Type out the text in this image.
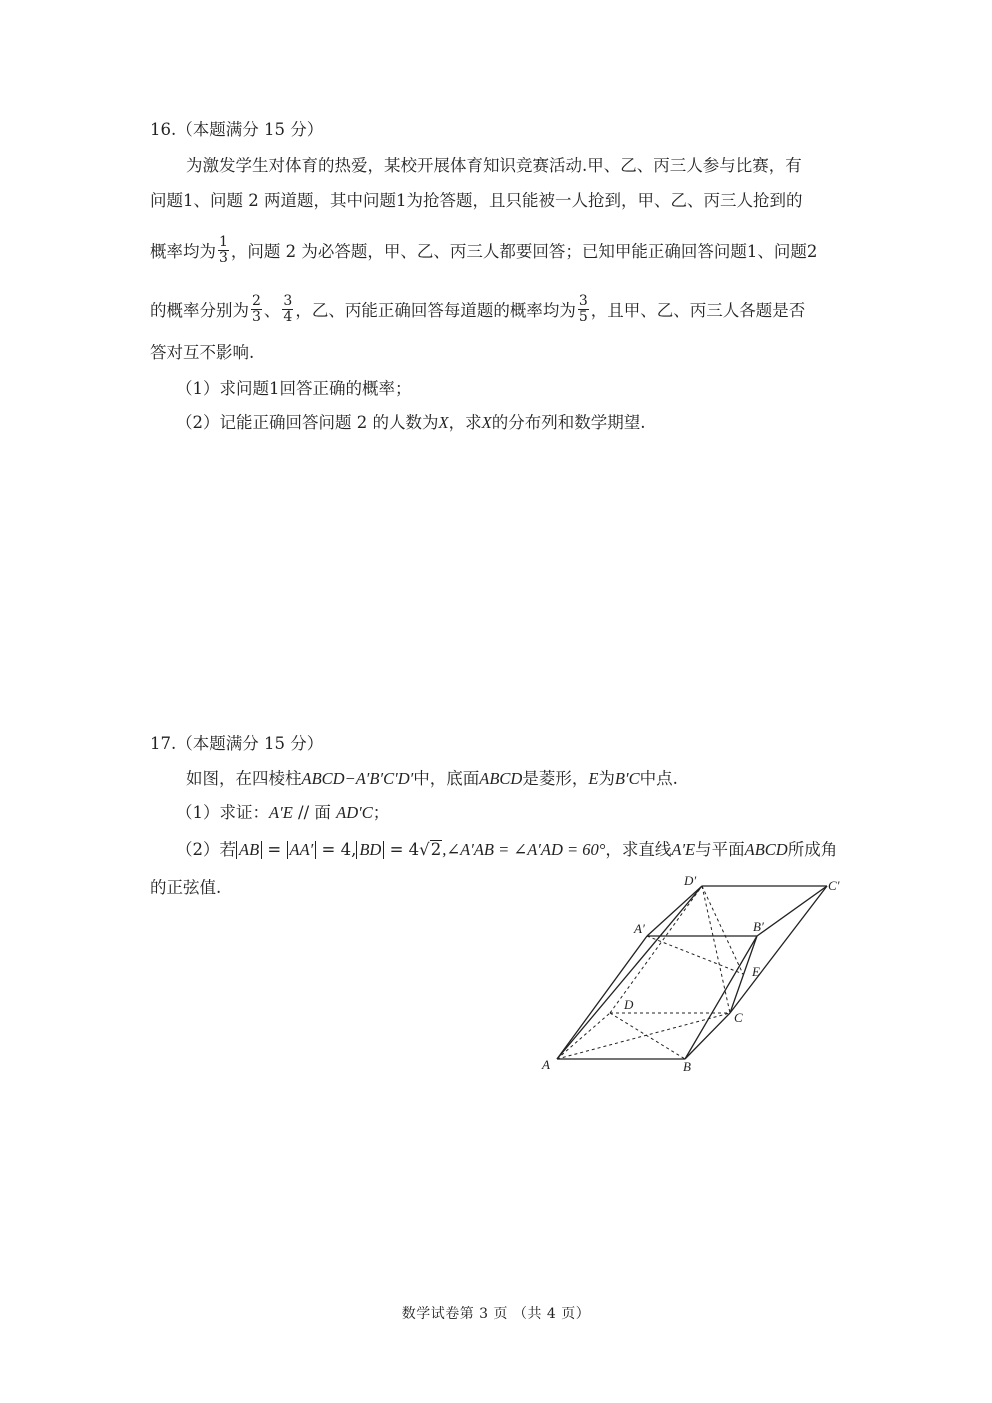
16.（本题满分 15 分）
为激发学生对体育的热爱，某校开展体育知识竞赛活动.甲、乙、丙三人参与比赛，有
问题1、问题 2 两道题，其中问题1为抢答题，且只能被一人抢到，甲、乙、丙三人抢到的
概率均为 $\frac{1}{3}$ ，问题 2 为必答题，甲、乙、丙三人都要回答；已知甲能正确回答问题1、问题2
的概率分别为 $\frac{2}{3}$ 、 $\frac{3}{4}$ ，乙、丙能正确回答每道题的概率均为 $\frac{3}{5}$ ，且甲、乙、丙三人各题是否
答对互不影响.
（1）求问题1回答正确的概率；
（2）记能正确回答问题 2 的人数为X，求X的分布列和数学期望.
17.（本题满分 15 分）
如图，在四棱柱ABCD−A′B′C′D′中，底面ABCD是菱形，E为B′C中点.
（1）求证：A′E // 面 AD′C；
（2）若 AB = AA′ = 4, BD = 4√2,∠A′AB = ∠A′AD = 60°，求直线A′E与平面ABCD所成角
的正弦值.
A	B
C
D
A′	B′
C′
D′
E
数学试卷第 3 页 （共 4 页）
